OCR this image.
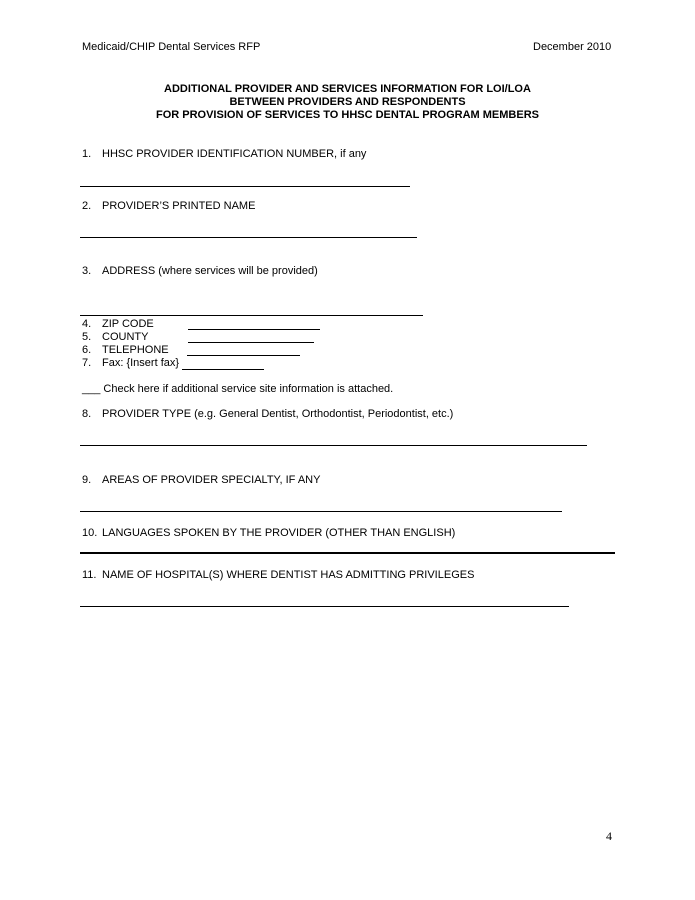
Medicaid/CHIP Dental Services RFP	December 2010
ADDITIONAL PROVIDER AND SERVICES INFORMATION FOR LOI/LOA
BETWEEN PROVIDERS AND RESPONDENTS
FOR PROVISION OF SERVICES TO HHSC DENTAL PROGRAM MEMBERS
1. HHSC PROVIDER IDENTIFICATION NUMBER, if any
2. PROVIDER’S PRINTED NAME
3. ADDRESS (where services will be provided)
4. ZIP CODE
5. COUNTY
6. TELEPHONE
7. Fax: {Insert fax}
___ Check here if additional service site information is attached.
8. PROVIDER TYPE (e.g. General Dentist, Orthodontist, Periodontist, etc.)
9. AREAS OF PROVIDER SPECIALTY, IF ANY
10. LANGUAGES SPOKEN BY THE PROVIDER (OTHER THAN ENGLISH)
11. NAME OF HOSPITAL(S) WHERE DENTIST HAS ADMITTING PRIVILEGES
4
